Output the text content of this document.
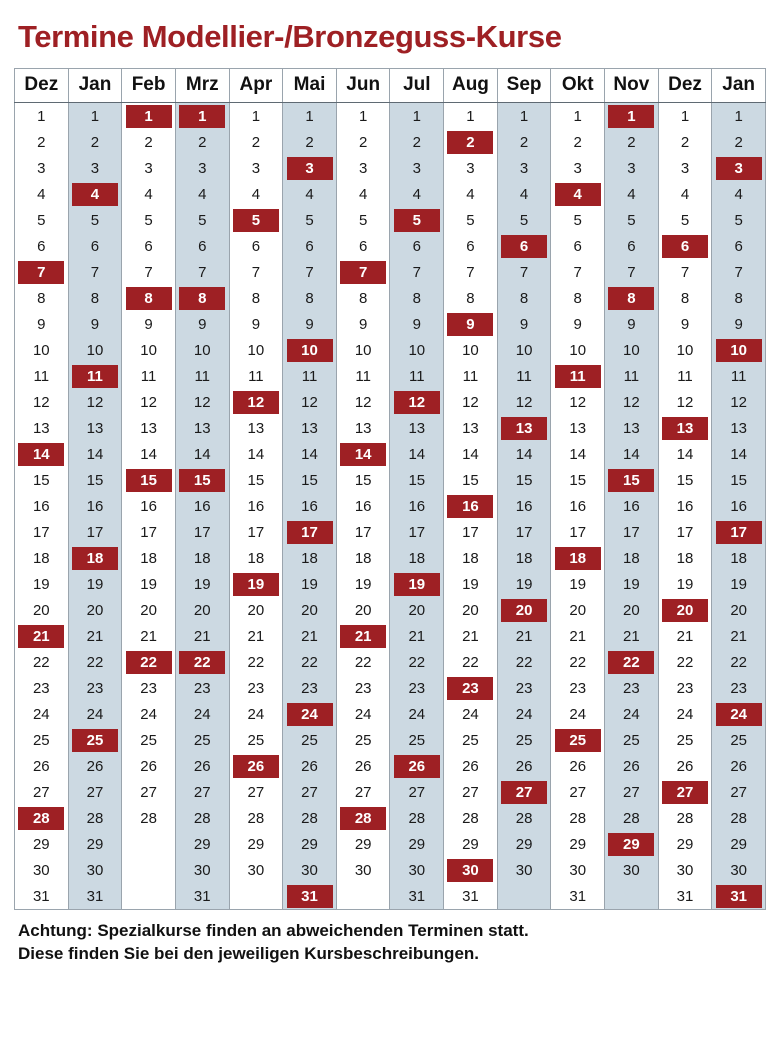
Termine Modellier-/Bronzeguss-Kurse
Dez	Jan	Feb	Mrz	Apr	Mai	Jun	Jul	Aug	Sep	Okt	Nov	Dez	Jan
1	1	1	1	1	1	1	1	1	1	1	1	1	1
2	2	2	2	2	2	2	2	2	2	2	2	2	2
3	3	3	3	3	3	3	3	3	3	3	3	3	3
4	4	4	4	4	4	4	4	4	4	4	4	4	4
5	5	5	5	5	5	5	5	5	5	5	5	5	5
6	6	6	6	6	6	6	6	6	6	6	6	6	6
7	7	7	7	7	7	7	7	7	7	7	7	7	7
8	8	8	8	8	8	8	8	8	8	8	8	8	8
9	9	9	9	9	9	9	9	9	9	9	9	9	9
10	10	10	10	10	10	10	10	10	10	10	10	10	10
11	11	11	11	11	11	11	11	11	11	11	11	11	11
12	12	12	12	12	12	12	12	12	12	12	12	12	12
13	13	13	13	13	13	13	13	13	13	13	13	13	13
14	14	14	14	14	14	14	14	14	14	14	14	14	14
15	15	15	15	15	15	15	15	15	15	15	15	15	15
16	16	16	16	16	16	16	16	16	16	16	16	16	16
17	17	17	17	17	17	17	17	17	17	17	17	17	17
18	18	18	18	18	18	18	18	18	18	18	18	18	18
19	19	19	19	19	19	19	19	19	19	19	19	19	19
20	20	20	20	20	20	20	20	20	20	20	20	20	20
21	21	21	21	21	21	21	21	21	21	21	21	21	21
22	22	22	22	22	22	22	22	22	22	22	22	22	22
23	23	23	23	23	23	23	23	23	23	23	23	23	23
24	24	24	24	24	24	24	24	24	24	24	24	24	24
25	25	25	25	25	25	25	25	25	25	25	25	25	25
26	26	26	26	26	26	26	26	26	26	26	26	26	26
27	27	27	27	27	27	27	27	27	27	27	27	27	27
28	28	28	28	28	28	28	28	28	28	28	28	28	28
29	29		29	29	29	29	29	29	29	29	29	29	29
30	30		30	30	30	30	30	30	30	30	30	30	30
31	31		31		31		31	31		31		31	31
Achtung: Spezialkurse finden an abweichenden Terminen statt.
Diese finden Sie bei den jeweiligen Kursbeschreibungen.
